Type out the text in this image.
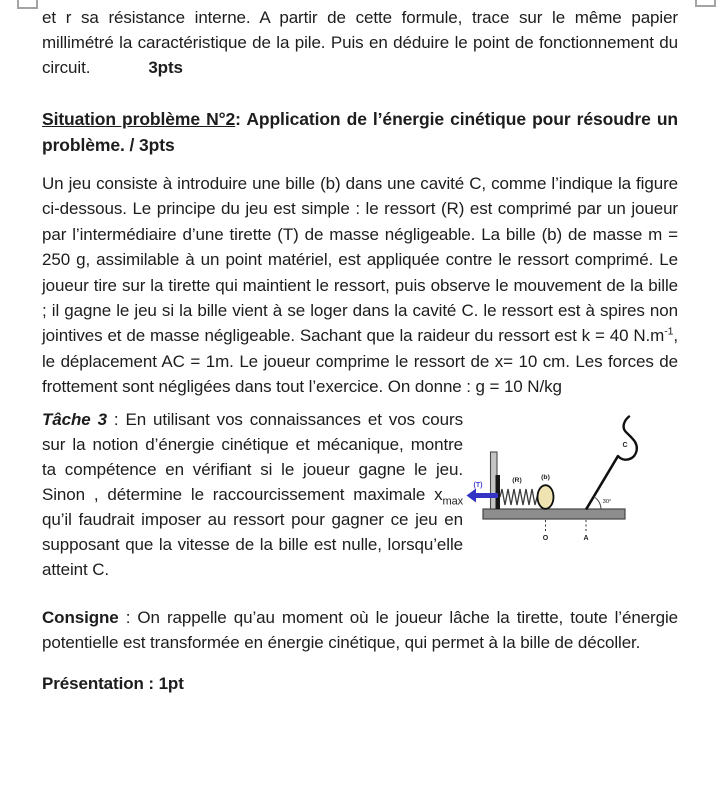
et r sa résistance interne. A partir de cette formule, trace sur le même papier millimétré la caractéristique de la pile. Puis en déduire le point de fonctionnement du circuit.	3pts

Situation problème N°2: Application de l’énergie cinétique pour résoudre un problème. / 3pts

Un jeu consiste à introduire une bille (b) dans une cavité C, comme l’indique la figure ci-dessous. Le principe du jeu est simple : le ressort (R) est comprimé par un joueur par l’intermédiaire d’une tirette (T) de masse négligeable. La bille (b) de masse m = 250 g, assimilable à un point matériel, est appliquée contre le ressort comprimé. Le joueur tire sur la tirette qui maintient le ressort, puis observe le mouvement de la bille ; il gagne le jeu si la bille vient à se loger dans la cavité C. le ressort est à spires non jointives et de masse négligeable. Sachant que la raideur du ressort est k = 40 $N.m^{-1}$, le déplacement AC = 1m. Le joueur comprime le ressort de x= 10 cm. Les forces de frottement sont négligées dans tout l’exercice. On donne : g = 10 N/kg

Tâche 3 : En utilisant vos connaissances et vos cours sur la notion d’énergie cinétique et mécanique, montre ta compétence en vérifiant si le joueur gagne le jeu. Sinon , détermine le raccourcissement maximale $x_{max}$ qu’il faudrait imposer au ressort pour gagner ce jeu en supposant que la vitesse de la bille est nulle, lorsqu’elle atteint C.

(T)
(R)	(b)
O
C
30°
A

Consigne : On rappelle qu’au moment où le joueur lâche la tirette, toute l’énergie potentielle est transformée en énergie cinétique, qui permet à la bille de décoller.

Présentation : 1pt
